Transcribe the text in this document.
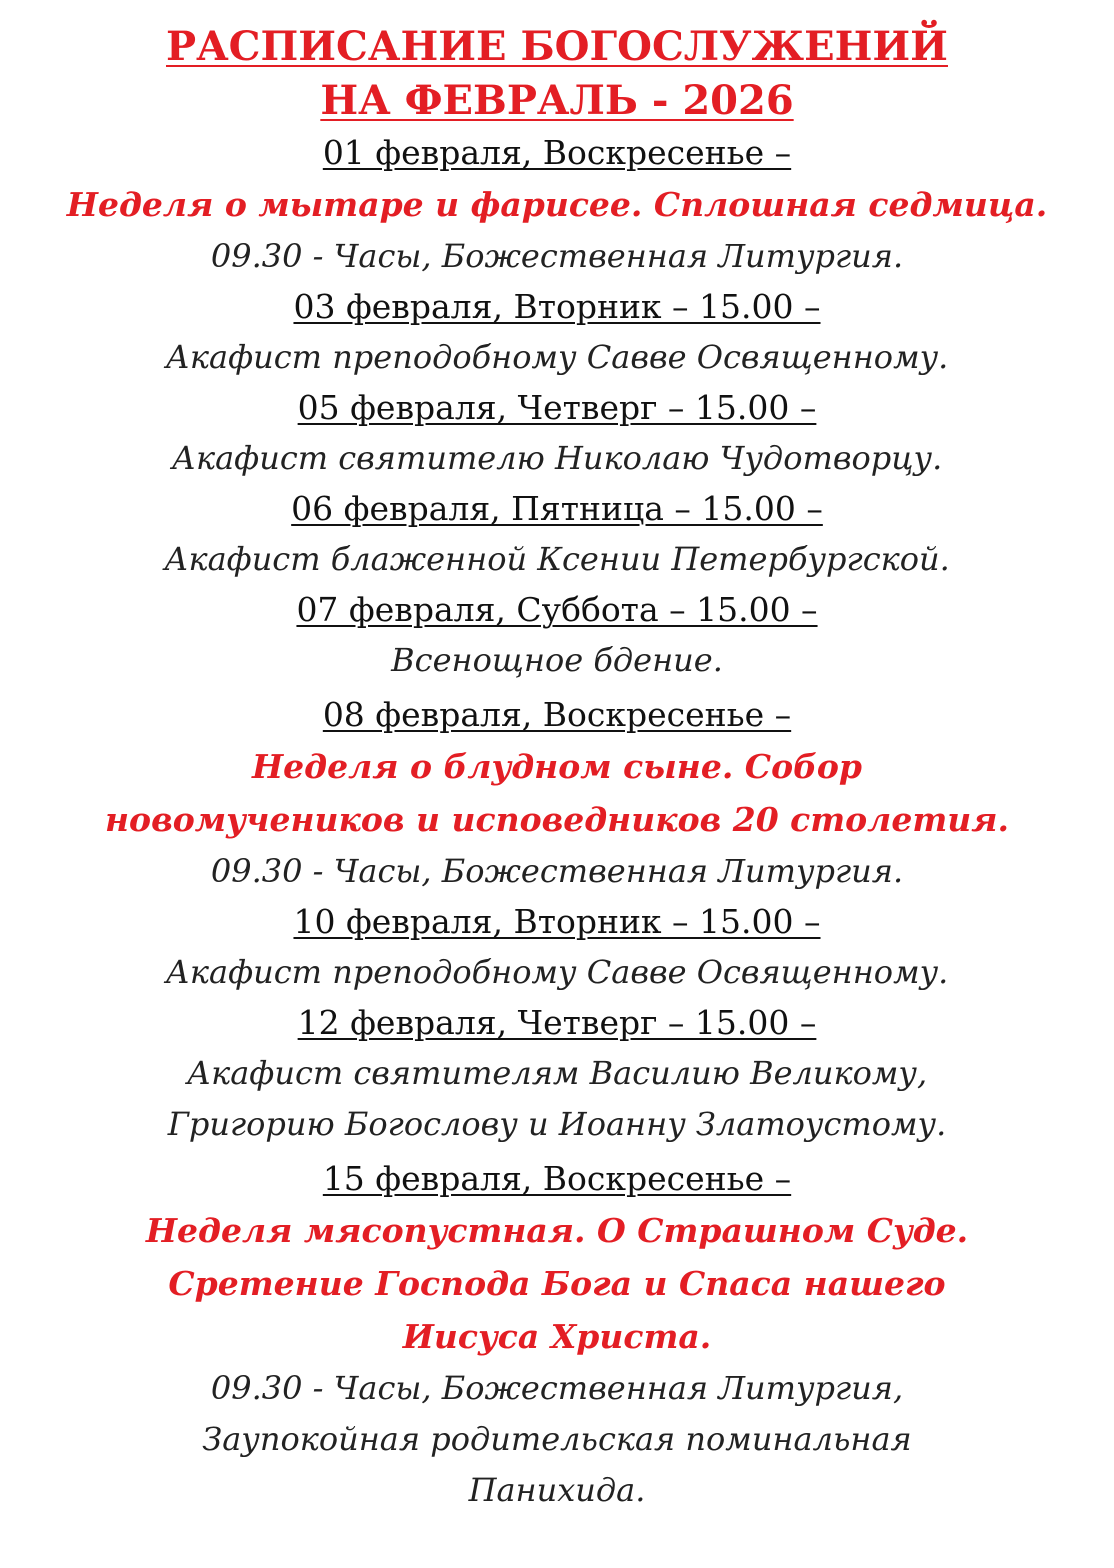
РАСПИСАНИЕ БОГОСЛУЖЕНИЙ
НА ФЕВРАЛЬ - 2026
01 февраля, Воскресенье –
Неделя о мытаре и фарисее. Сплошная седмица.
09.30 - Часы, Божественная Литургия.
03 февраля, Вторник – 15.00 –
Акафист преподобному Савве Освященному.
05 февраля, Четверг – 15.00 –
Акафист святителю Николаю Чудотворцу.
06 февраля, Пятница – 15.00 –
Акафист блаженной Ксении Петербургской.
07 февраля, Суббота – 15.00 –
Всенощное бдение.
08 февраля, Воскресенье –
Неделя о блудном сыне. Собор
новомучеников и исповедников 20 столетия.
09.30 - Часы, Божественная Литургия.
10 февраля, Вторник – 15.00 –
Акафист преподобному Савве Освященному.
12 февраля, Четверг – 15.00 –
Акафист святителям Василию Великому,
Григорию Богослову и Иоанну Златоустому.
15 февраля, Воскресенье –
Неделя мясопустная. О Страшном Суде.
Сретение Господа Бога и Спаса нашего
Иисуса Христа.
09.30 - Часы, Божественная Литургия,
Заупокойная родительская поминальная
Панихида.
